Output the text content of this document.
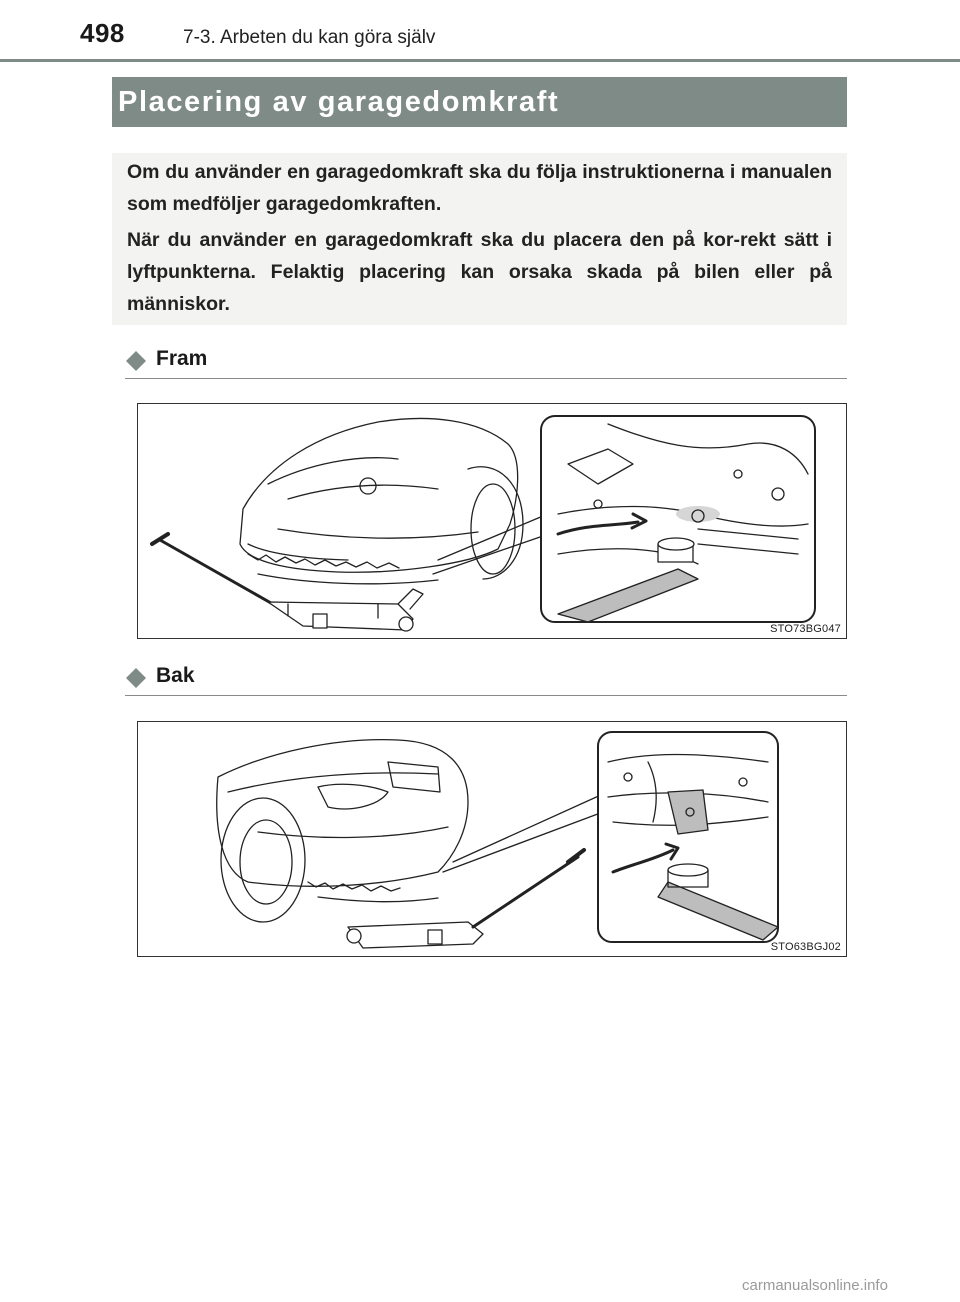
498	7-3. Arbeten du kan göra själv
Placering av garagedomkraft

Om du använder en garagedomkraft ska du följa instruktionerna i manualen som medföljer garagedomkraften.

När du använder en garagedomkraft ska du placera den på kor-rekt sätt i lyftpunkterna. Felaktig placering kan orsaka skada på bilen eller på människor.

Fram
STO73BG047
Bak
STO63BGJ02
carmanualsonline.info
